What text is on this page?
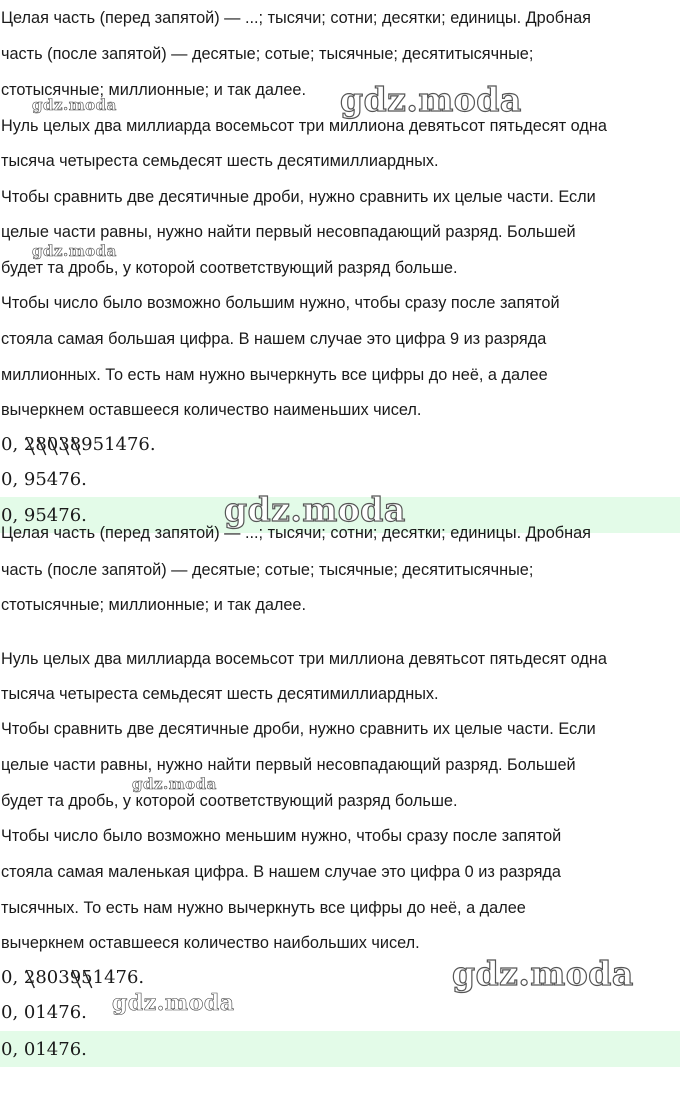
Целая часть (перед запятой) — ...; тысячи; сотни; десятки; единицы. Дробная

часть (после запятой) — десятые; сотые; тысячные; десятитысячные;

стотысячные; миллионные; и так далее.

Нуль целых два миллиарда восемьсот три миллиона девятьсот пятьдесят одна

тысяча четыреста семьдесят шесть десятимиллиардных.

Чтобы сравнить две десятичные дроби, нужно сравнить их целые части. Если

целые части равны, нужно найти первый несовпадающий разряд. Большей

будет та дробь, у которой соответствующий разряд больше.

Чтобы число было возможно большим нужно, чтобы сразу после запятой

стояла самая большая цифра. В нашем случае это цифра 9 из разряда

миллионных. То есть нам нужно вычеркнуть все цифры до неё, а далее

вычеркнем оставшееся количество наименьших чисел.

0, 28038
951476.

0, 95476.

0, 95476.

Целая часть (перед запятой) — ...; тысячи; сотни; десятки; единицы. Дробная

часть (после запятой) — десятые; сотые; тысячные; десятитысячные;

стотысячные; миллионные; и так далее.

Нуль целых два миллиарда восемьсот три миллиона девятьсот пятьдесят одна

тысяча четыреста семьдесят шесть десятимиллиардных.

Чтобы сравнить две десятичные дроби, нужно сравнить их целые части. Если

целые части равны, нужно найти первый несовпадающий разряд. Большей

будет та дробь, у которой соответствующий разряд больше.

Чтобы число было возможно меньшим нужно, чтобы сразу после запятой

стояла самая маленькая цифра. В нашем случае это цифра 0 из разряда

тысячных. То есть нам нужно вычеркнуть все цифры до неё, а далее

вычеркнем оставшееся количество наибольших чисел.

0, 2
80395
1476.

0, 01476.

0, 01476.
gdz.moda	gdz.moda
gdz.moda
gdz.moda
gdz.moda
gdz.moda
gdz.moda
